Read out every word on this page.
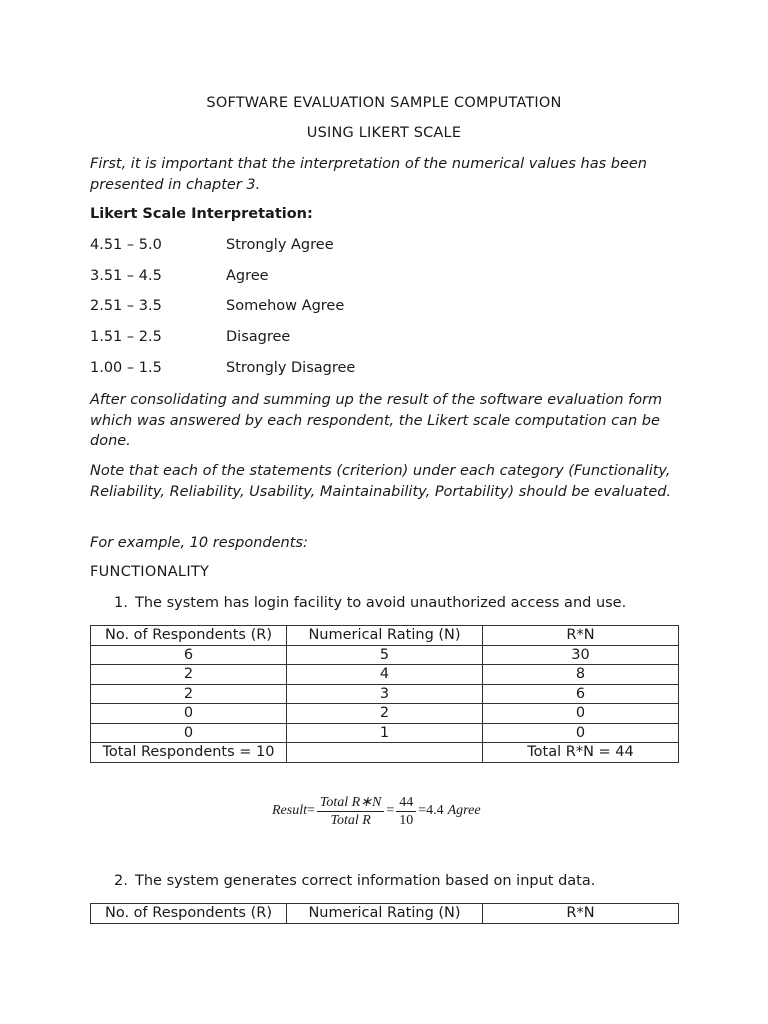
SOFTWARE EVALUATION SAMPLE COMPUTATION
USING LIKERT SCALE
First, it is important that the interpretation of the numerical values has been presented in chapter 3.
Likert Scale Interpretation:
4.51 – 5.0	Strongly Agree
3.51 – 4.5	Agree
2.51 – 3.5	Somehow Agree
1.51 – 2.5	Disagree
1.00 – 1.5	Strongly Disagree
After consolidating and summing up the result of the software evaluation form which was answered by each respondent, the Likert scale computation can be done.
Note that each of the statements (criterion) under each category (Functionality, Reliability, Reliability, Usability, Maintainability, Portability) should be evaluated.
For example, 10 respondents:
FUNCTIONALITY
1. The system has login facility to avoid unauthorized access and use.
No. of Respondents (R)	Numerical Rating (N)	R*N
6	5	30
2	4	8
2	3	6
0	2	0
0	1	0
Total Respondents = 10		Total R*N = 44
Result = $\frac{\text{Total R∗N}}{\text{Total R}} = \frac{44}{10} = 4.4$ Agree
2. The system generates correct information based on input data.
No. of Respondents (R)	Numerical Rating (N)	R*N
